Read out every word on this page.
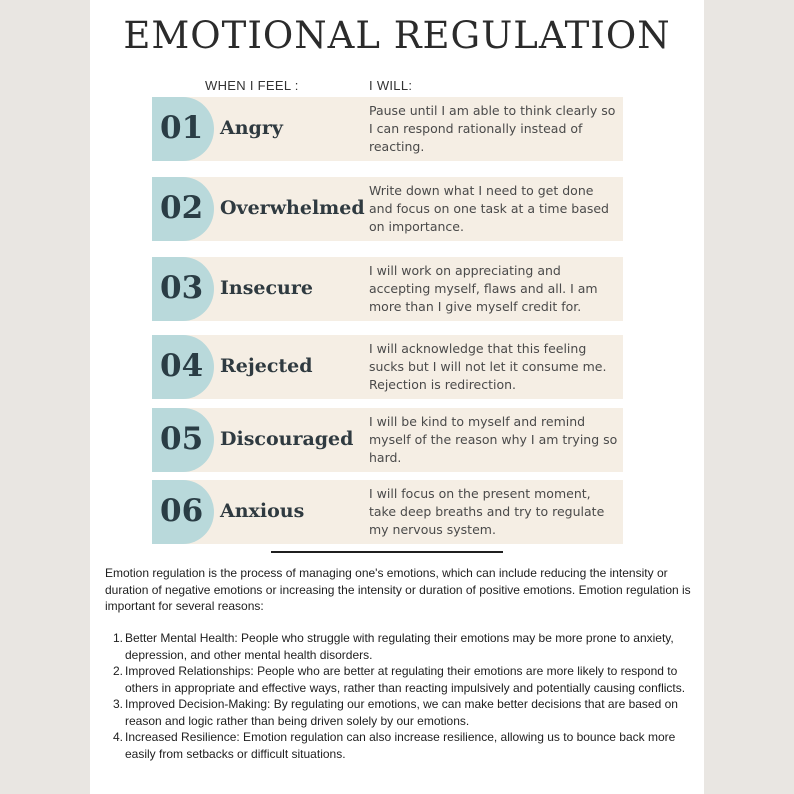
EMOTIONAL REGULATION
WHEN I FEEL :	I WILL:
01 Angry
Pause until I am able to think clearly so I can respond rationally instead of reacting.
02 Overwhelmed
Write down what I need to get done and focus on one task at a time based on importance.
03 Insecure
I will work on appreciating and accepting myself, flaws and all. I am more than I give myself credit for.
04 Rejected
I will acknowledge that this feeling sucks but I will not let it consume me. Rejection is redirection.
05 Discouraged
I will be kind to myself and remind myself of the reason why I am trying so hard.
06 Anxious
I will focus on the present moment, take deep breaths and try to regulate my nervous system.

Emotion regulation is the process of managing one's emotions, which can include reducing the intensity or duration of negative emotions or increasing the intensity or duration of positive emotions. Emotion regulation is important for several reasons:

1. Better Mental Health: People who struggle with regulating their emotions may be more prone to anxiety, depression, and other mental health disorders.
2. Improved Relationships: People who are better at regulating their emotions are more likely to respond to others in appropriate and effective ways, rather than reacting impulsively and potentially causing conflicts.
3. Improved Decision-Making: By regulating our emotions, we can make better decisions that are based on reason and logic rather than being driven solely by our emotions.
4. Increased Resilience: Emotion regulation can also increase resilience, allowing us to bounce back more easily from setbacks or difficult situations.
